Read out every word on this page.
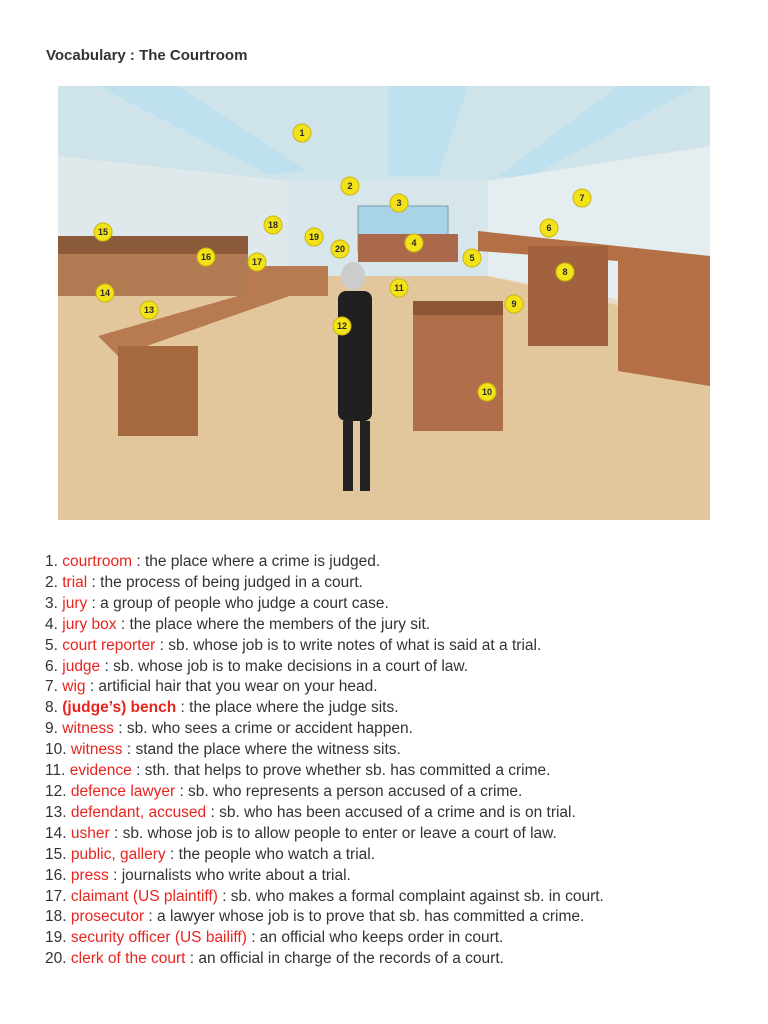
Vocabulary : The Courtroom
1
2
3
4
5
6
7
8
9
10
11
12
13
14
15
16	17
18
19
20
1. courtroom : the place where a crime is judged.
2. trial : the process of being judged in a court.
3. jury : a group of people who judge a court case.
4. jury box : the place where the members of the jury sit.
5. court reporter : sb. whose job is to write notes of what is said at a trial.
6. judge : sb. whose job is to make decisions in a court of law.
7. wig : artificial hair that you wear on your head.
8. (judge’s) bench : the place where the judge sits.
9. witness : sb. who sees a crime or accident happen.
10. witness : stand the place where the witness sits.
11. evidence : sth. that helps to prove whether sb. has committed a crime.
12. defence lawyer : sb. who represents a person accused of a crime.
13. defendant, accused : sb. who has been accused of a crime and is on trial.
14. usher : sb. whose job is to allow people to enter or leave a court of law.
15. public, gallery : the people who watch a trial.
16. press : journalists who write about a trial.
17. claimant (US plaintiff) : sb. who makes a formal complaint against sb. in court.
18. prosecutor : a lawyer whose job is to prove that sb. has committed a crime.
19. security officer (US bailiff) : an official who keeps order in court.
20. clerk of the court : an official in charge of the records of a court.
